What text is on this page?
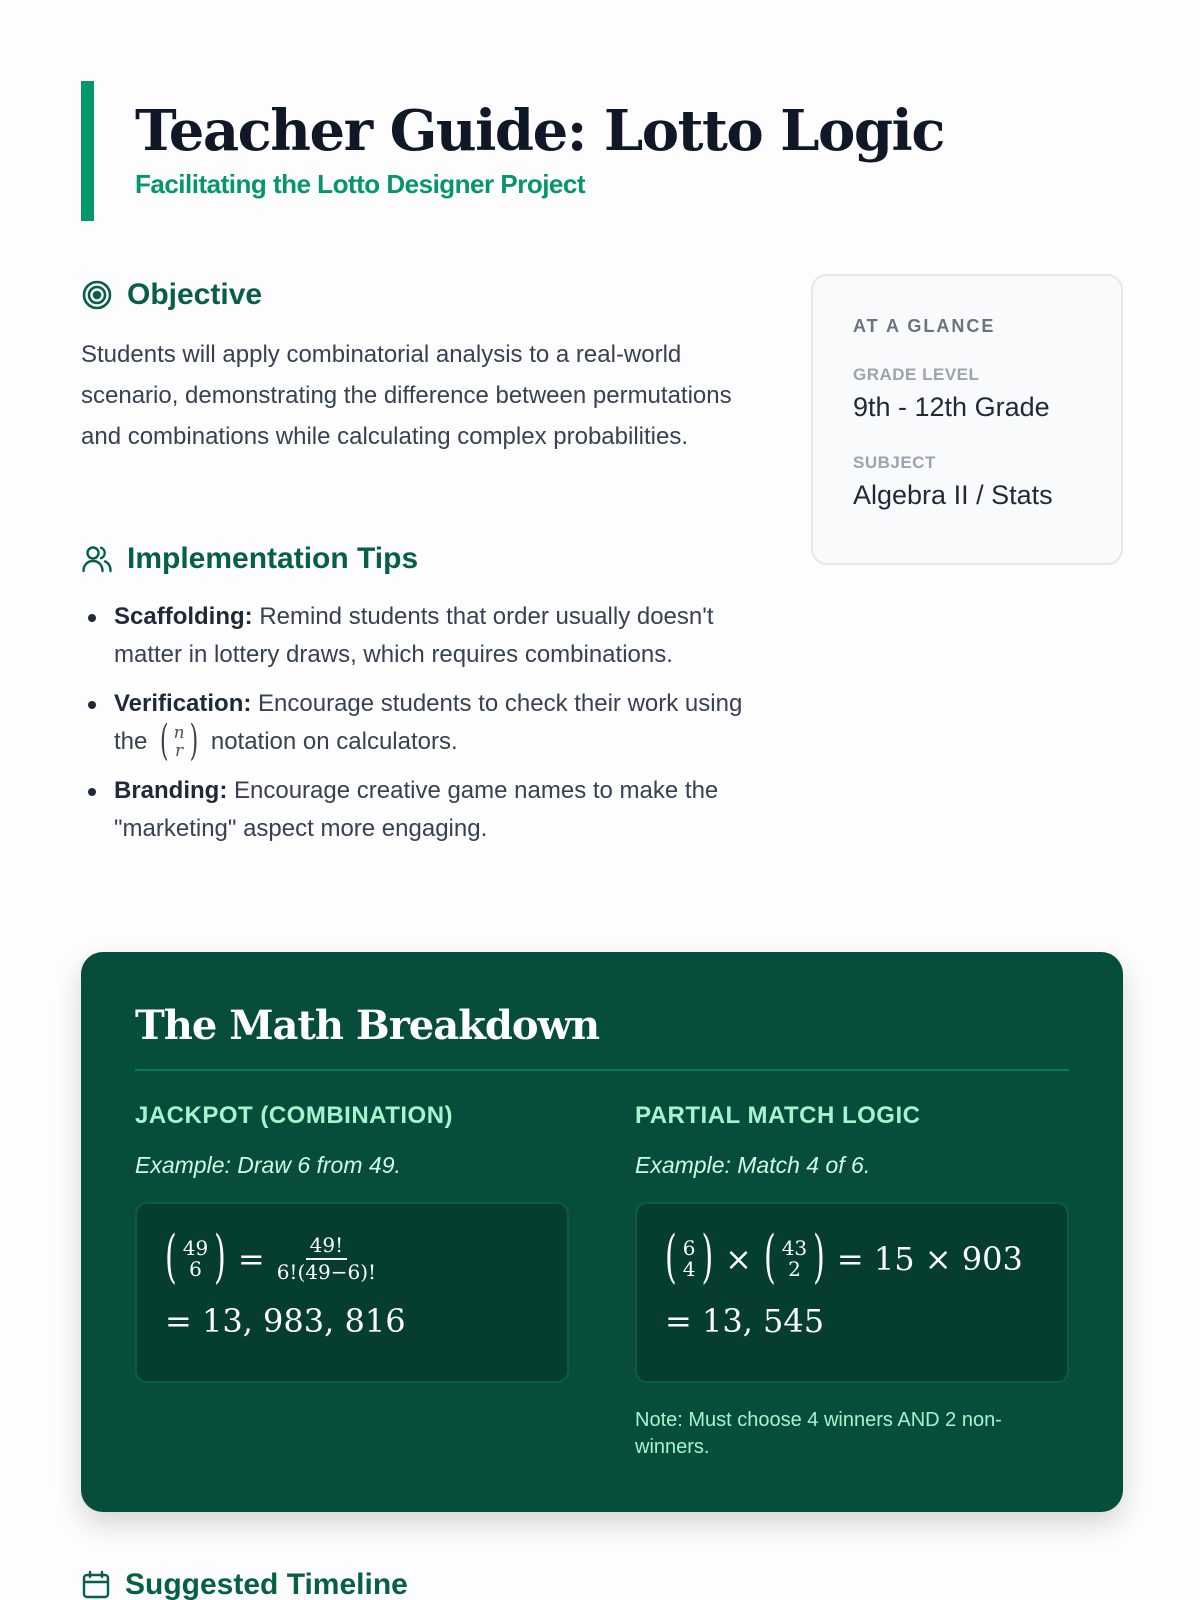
Teacher Guide: Lotto Logic
Facilitating the Lotto Designer Project
Objective

Students will apply combinatorial analysis to a real-world scenario, demonstrating the difference between permutations and combinations while calculating complex probabilities.

Implementation Tips
Scaffolding: Remind students that order usually doesn't matter in lottery draws, which requires combinations.
Verification: Encourage students to check their work using the ( n
r ) notation on calculators.
Branding: Encourage creative game names to make the "marketing" aspect more engaging.
AT A GLANCE
GRADE LEVEL
9th - 12th Grade
SUBJECT
Algebra II / Stats
The Math Breakdown
JACKPOT (COMBINATION)
Example: Draw 6 from 49.
( 49
6 ) = $\frac{49!}{6!(49-6)!}$
= 13, 983, 816
PARTIAL MATCH LOGIC
Example: Match 4 of 6.
( 6
4 ) × ( 43
2 ) = 15 × 903
= 13, 545

Note: Must choose 4 winners AND 2 non-winners.

Suggested Timeline
